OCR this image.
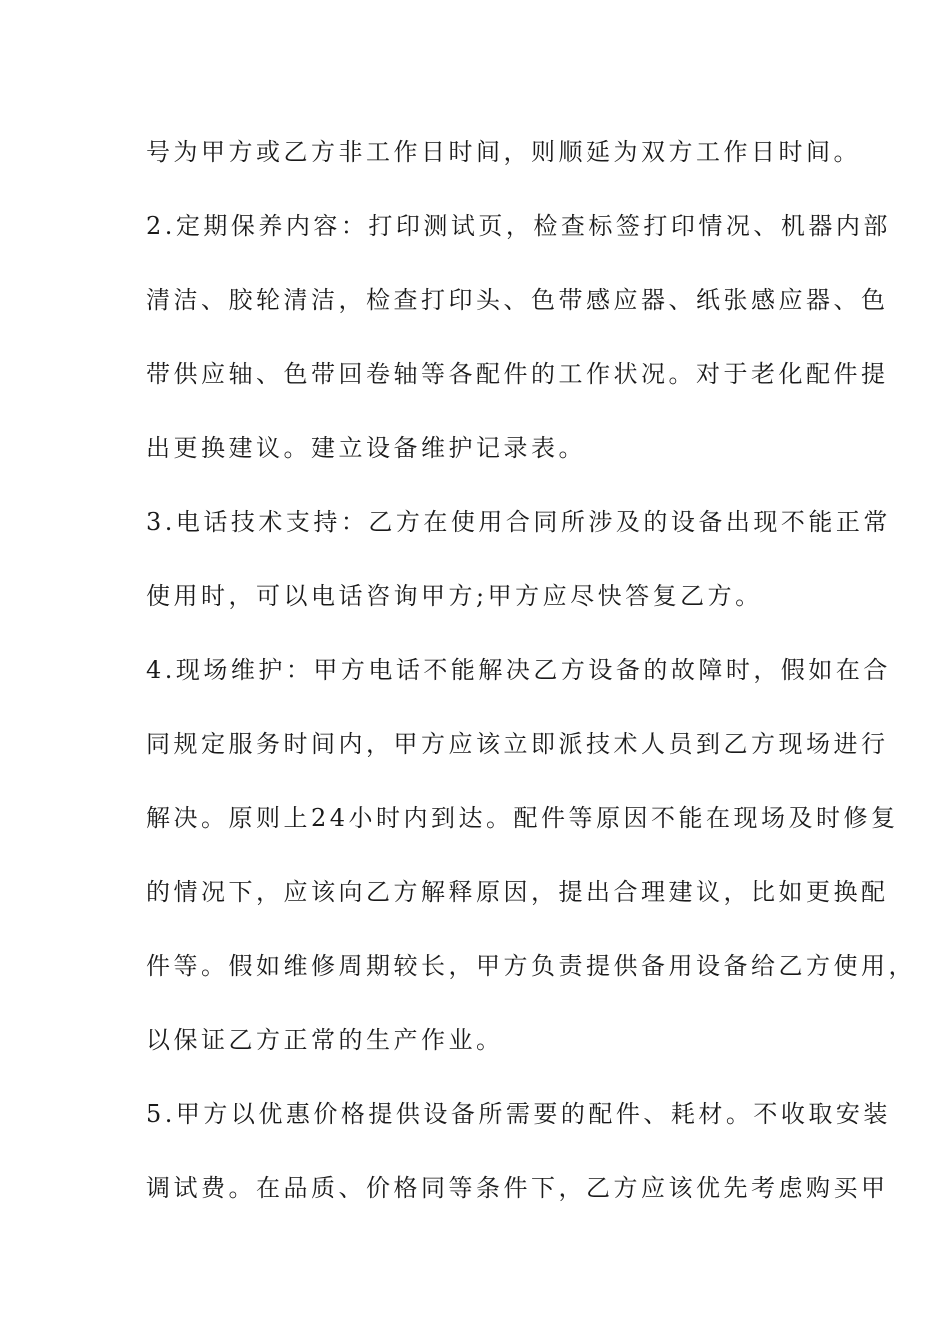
号为甲方或乙方非工作日时间，则顺延为双方工作日时间。
2.定期保养内容：打印测试页，检查标签打印情况、机器内部
清洁、胶轮清洁，检查打印头、色带感应器、纸张感应器、色
带供应轴、色带回卷轴等各配件的工作状况。对于老化配件提
出更换建议。建立设备维护记录表。
3.电话技术支持：乙方在使用合同所涉及的设备出现不能正常
使用时，可以电话咨询甲方;甲方应尽快答复乙方。
4.现场维护：甲方电话不能解决乙方设备的故障时，假如在合
同规定服务时间内，甲方应该立即派技术人员到乙方现场进行
解决。原则上24小时内到达。配件等原因不能在现场及时修复
的情况下，应该向乙方解释原因，提出合理建议，比如更换配
件等。假如维修周期较长，甲方负责提供备用设备给乙方使用，
以保证乙方正常的生产作业。
5.甲方以优惠价格提供设备所需要的配件、耗材。不收取安装
调试费。在品质、价格同等条件下，乙方应该优先考虑购买甲
